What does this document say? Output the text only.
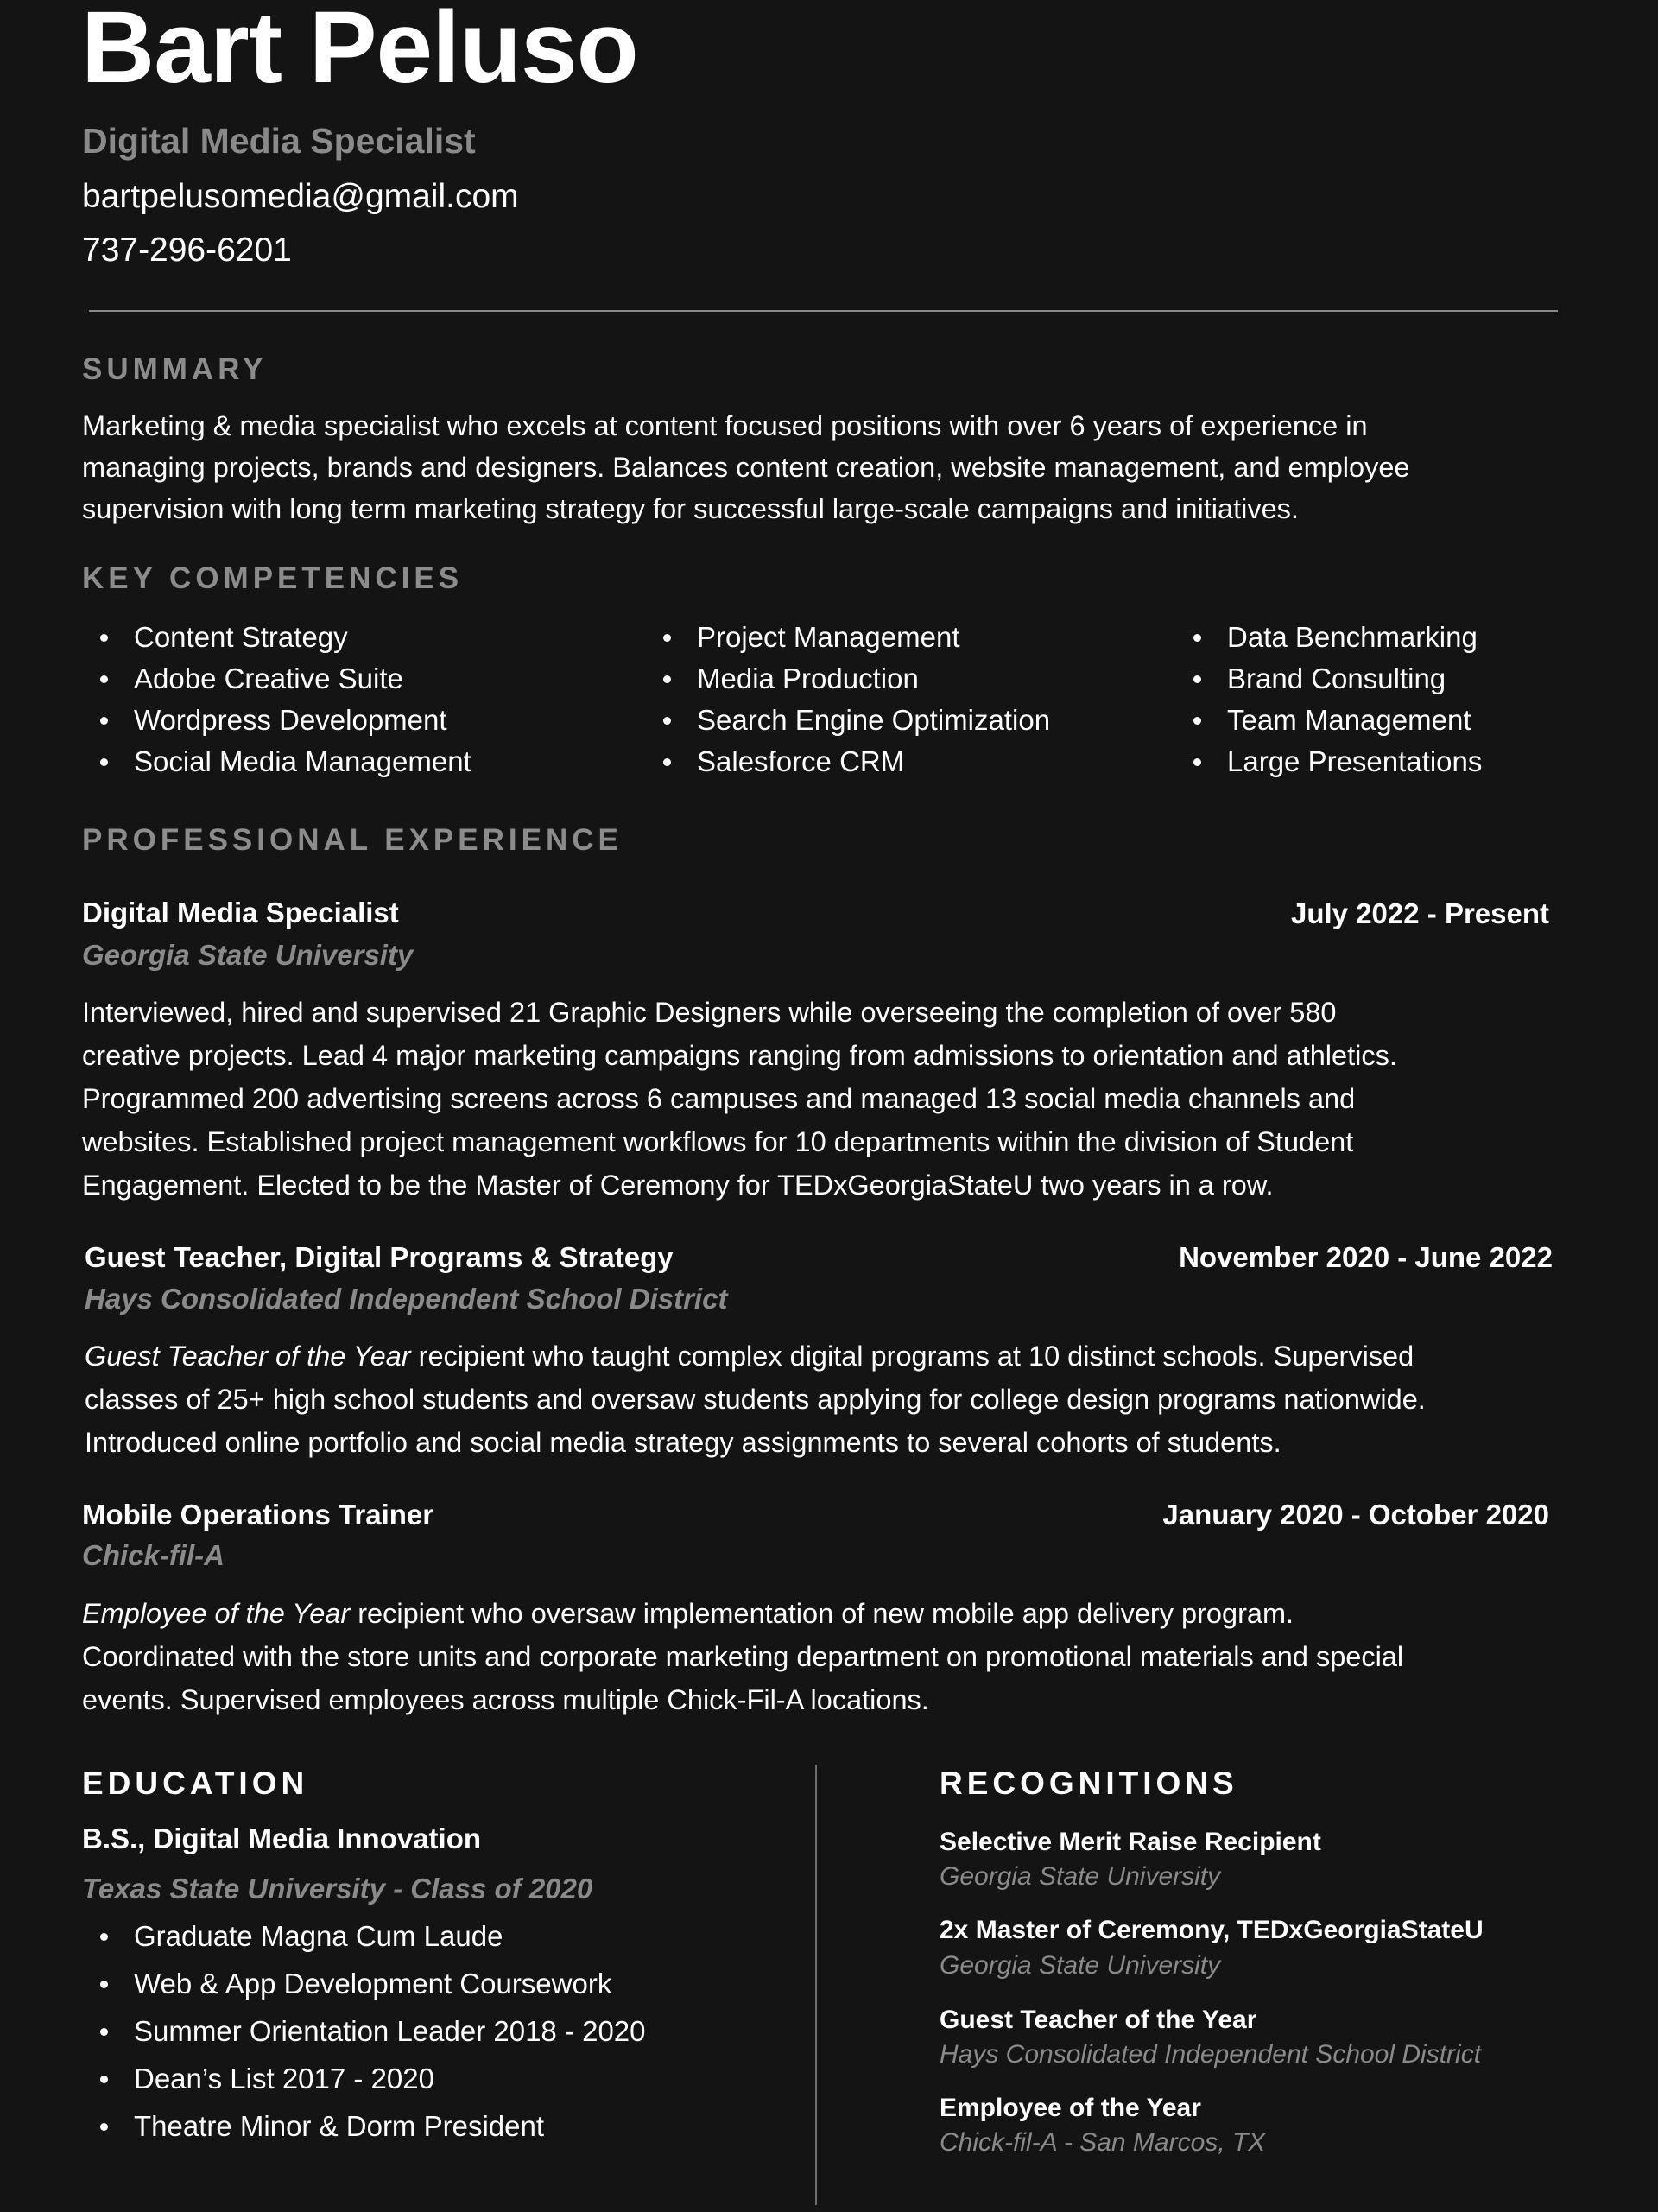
Bart Peluso
Digital Media Specialist
bartpelusomedia@gmail.com
737-296-6201
SUMMARY
Marketing & media specialist who excels at content focused positions with over 6 years of experience in
managing projects, brands and designers. Balances content creation, website management, and employee
supervision with long term marketing strategy for successful large-scale campaigns and initiatives.
KEY COMPETENCIES
Content Strategy
Adobe Creative Suite
Wordpress Development
Social Media Management
Project Management
Media Production
Search Engine Optimization
Salesforce CRM
Data Benchmarking
Brand Consulting
Team Management
Large Presentations
PROFESSIONAL EXPERIENCE
Digital Media Specialist	July 2022 - Present
Georgia State University
Interviewed, hired and supervised 21 Graphic Designers while overseeing the completion of over 580
creative projects. Lead 4 major marketing campaigns ranging from admissions to orientation and athletics.
Programmed 200 advertising screens across 6 campuses and managed 13 social media channels and
websites. Established project management workflows for 10 departments within the division of Student
Engagement. Elected to be the Master of Ceremony for TEDxGeorgiaStateU two years in a row.
Guest Teacher, Digital Programs & Strategy	November 2020 - June 2022
Hays Consolidated Independent School District
Guest Teacher of the Year recipient who taught complex digital programs at 10 distinct schools. Supervised
classes of 25+ high school students and oversaw students applying for college design programs nationwide.
Introduced online portfolio and social media strategy assignments to several cohorts of students.
Mobile Operations Trainer	January 2020 - October 2020
Chick-fil-A
Employee of the Year recipient who oversaw implementation of new mobile app delivery program.
Coordinated with the store units and corporate marketing department on promotional materials and special
events. Supervised employees across multiple Chick-Fil-A locations.
EDUCATION
B.S., Digital Media Innovation
Texas State University - Class of 2020
Graduate Magna Cum Laude
Web & App Development Coursework
Summer Orientation Leader 2018 - 2020
Dean’s List 2017 - 2020
Theatre Minor & Dorm President
RECOGNITIONS
Selective Merit Raise Recipient
Georgia State University
2x Master of Ceremony, TEDxGeorgiaStateU
Georgia State University
Guest Teacher of the Year
Hays Consolidated Independent School District
Employee of the Year
Chick-fil-A - San Marcos, TX
